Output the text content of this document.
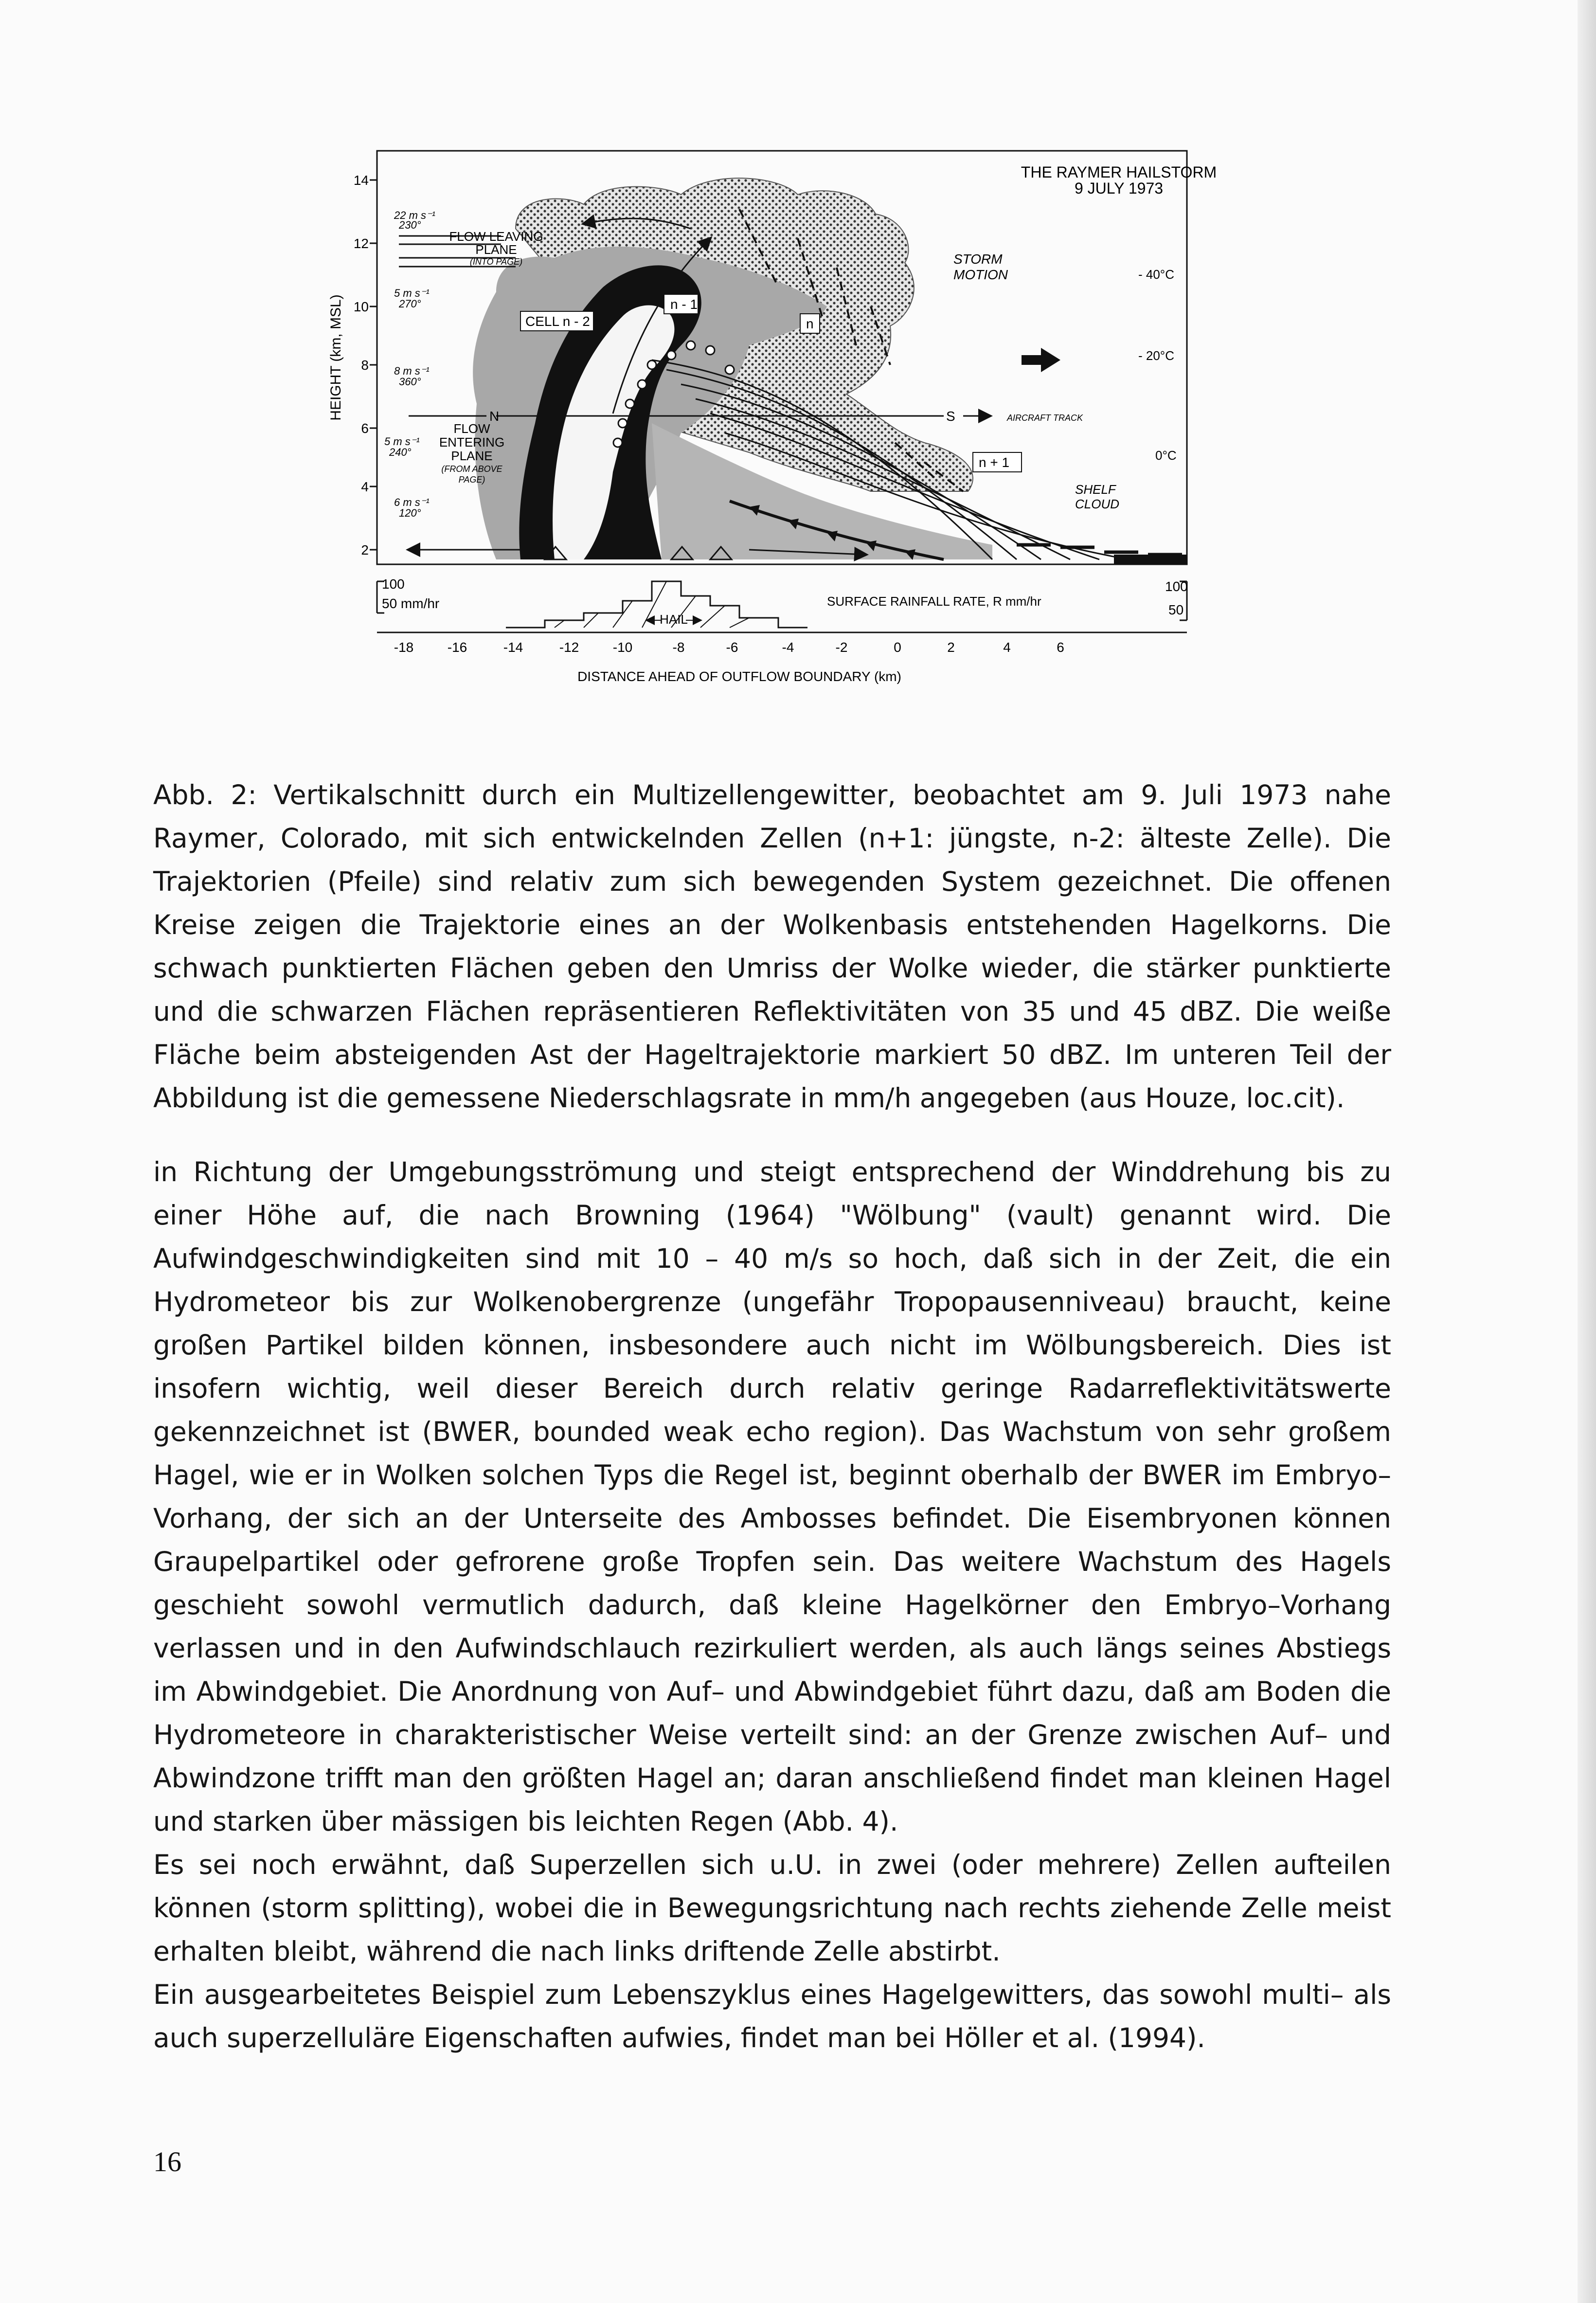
THE RAYMER HAILSTORM
9 JULY 1973
HEIGHT (km, MSL)
14
12
10
8
6
4
2
22 m s⁻¹
230°
5 m s⁻¹
270°
8 m s⁻¹
360°
5 m s⁻¹
240°
6 m s⁻¹
120°
FLOW LEAVING
PLANE
(INTO PAGE)
FLOW
ENTERING
PLANE
(FROM ABOVE
PAGE)
CELL n - 2
n - 1
n
n + 1
STORM
MOTION	- 40°C
- 20°C
0°C
SHELF
CLOUD
N	S	AIRCRAFT TRACK
100
50 mm/hr
100
50
SURFACE RAINFALL RATE, R mm/hr
HAIL
-18 -16	-14	-12 -10	-8	-6	-4	-2	0	2	4	6
DISTANCE AHEAD OF OUTFLOW BOUNDARY (km)
Abb. 2: Vertikalschnitt durch ein Multizellengewitter, beobachtet am 9. Juli 1973 nahe Raymer, Colorado, mit sich entwickelnden Zellen (n+1: jüngste, n-2: älteste Zelle). Die Trajektorien (Pfeile) sind relativ zum sich bewegenden System gezeichnet. Die offenen Kreise zeigen die Trajektorie eines an der Wolkenbasis entstehenden Hagelkorns. Die schwach punktierten Flächen geben den Umriss der Wolke wieder, die stärker punktierte und die schwarzen Flächen repräsentieren Reflektivitäten von 35 und 45 dBZ. Die weiße Fläche beim absteigenden Ast der Hageltrajektorie markiert 50 dBZ. Im unteren Teil der Abbildung ist die gemessene Niederschlagsrate in mm/h angegeben (aus Houze, loc.cit).

in Richtung der Umgebungsströmung und steigt entsprechend der Winddrehung bis zu einer Höhe auf, die nach Browning (1964) "Wölbung" (vault) genannt wird. Die Aufwindgeschwindigkeiten sind mit 10 – 40 m/s so hoch, daß sich in der Zeit, die ein Hydrometeor bis zur Wolkenobergrenze (ungefähr Tropopausenniveau) braucht, keine großen Partikel bilden können, insbesondere auch nicht im Wölbungsbereich. Dies ist insofern wichtig, weil dieser Bereich durch relativ geringe Radarreflektivitätswerte gekennzeichnet ist (BWER, bounded weak echo region). Das Wachstum von sehr großem Hagel, wie er in Wolken solchen Typs die Regel ist, beginnt oberhalb der BWER im Embryo–Vorhang, der sich an der Unterseite des Ambosses befindet. Die Eisembryonen können Graupelpartikel oder gefrorene große Tropfen sein. Das weitere Wachstum des Hagels geschieht sowohl vermutlich dadurch, daß kleine Hagelkörner den Embryo–Vorhang verlassen und in den Aufwindschlauch rezirkuliert werden, als auch längs seines Abstiegs im Abwindgebiet. Die Anordnung von Auf– und Abwindgebiet führt dazu, daß am Boden die Hydrometeore in charakteristischer Weise verteilt sind: an der Grenze zwischen Auf– und Abwindzone trifft man den größten Hagel an; daran anschließend findet man kleinen Hagel und starken über mässigen bis leichten Regen (Abb. 4).

Es sei noch erwähnt, daß Superzellen sich u.U. in zwei (oder mehrere) Zellen aufteilen können (storm splitting), wobei die in Bewegungsrichtung nach rechts ziehende Zelle meist erhalten bleibt, während die nach links driftende Zelle abstirbt.

Ein ausgearbeitetes Beispiel zum Lebenszyklus eines Hagelgewitters, das sowohl multi– als auch superzelluläre Eigenschaften aufwies, findet man bei Höller et al. (1994).

16
